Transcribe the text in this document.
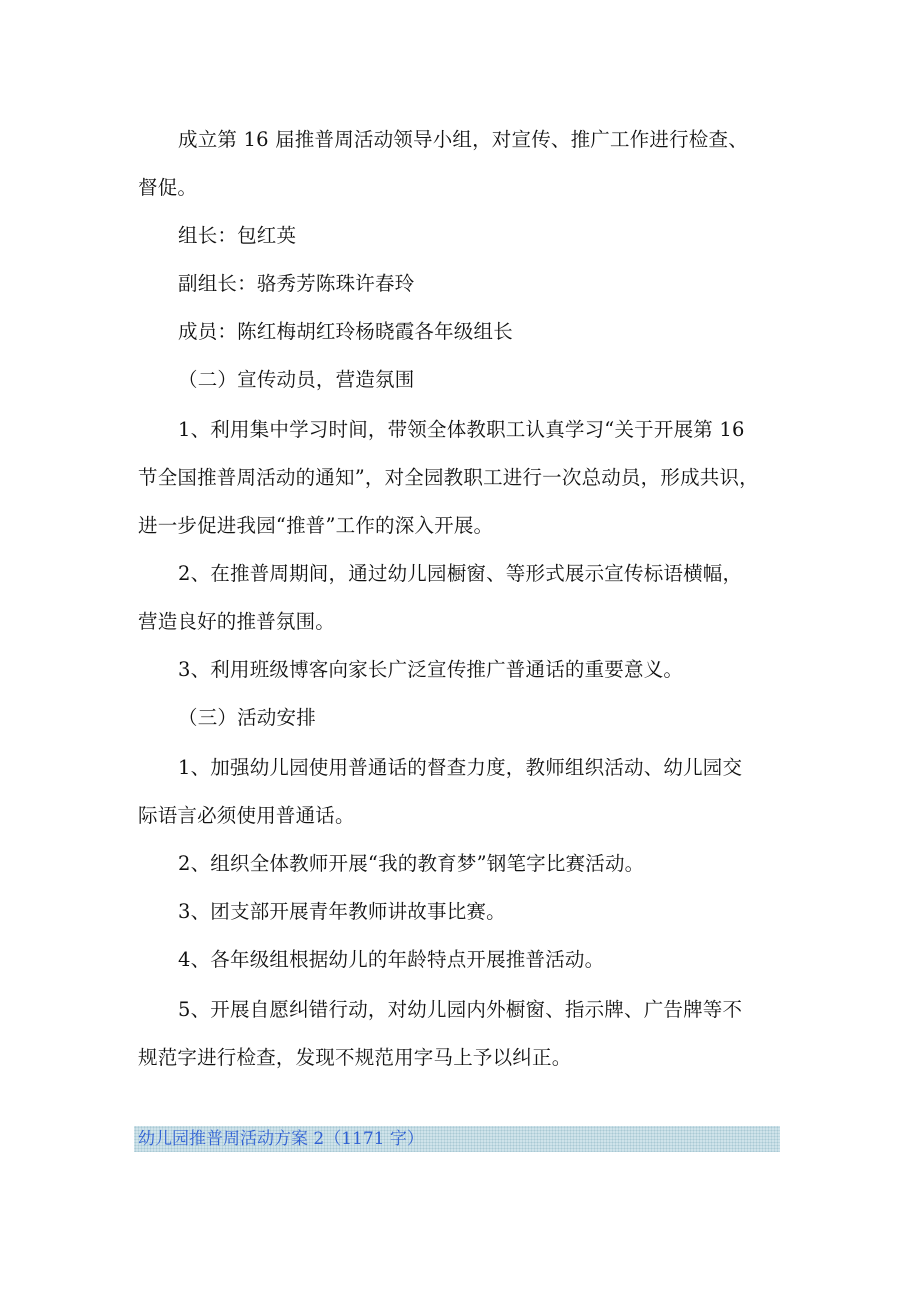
成立第 16 届推普周活动领导小组，对宣传、推广工作进行检查、
督促。

组长：包红英

副组长：骆秀芳陈珠许春玲

成员：陈红梅胡红玲杨晓霞各年级组长

（二）宣传动员，营造氛围

1、利用集中学习时间，带领全体教职工认真学习“关于开展第 16
节全国推普周活动的通知”，对全园教职工进行一次总动员，形成共识，
进一步促进我园“推普”工作的深入开展。

2、在推普周期间，通过幼儿园橱窗、等形式展示宣传标语横幅，
营造良好的推普氛围。

3、利用班级博客向家长广泛宣传推广普通话的重要意义。

（三）活动安排

1、加强幼儿园使用普通话的督查力度，教师组织活动、幼儿园交
际语言必须使用普通话。

2、组织全体教师开展“我的教育梦”钢笔字比赛活动。

3、团支部开展青年教师讲故事比赛。

4、各年级组根据幼儿的年龄特点开展推普活动。

5、开展自愿纠错行动，对幼儿园内外橱窗、指示牌、广告牌等不
规范字进行检查，发现不规范用字马上予以纠正。

幼儿园推普周活动方案 2（1171 字）
